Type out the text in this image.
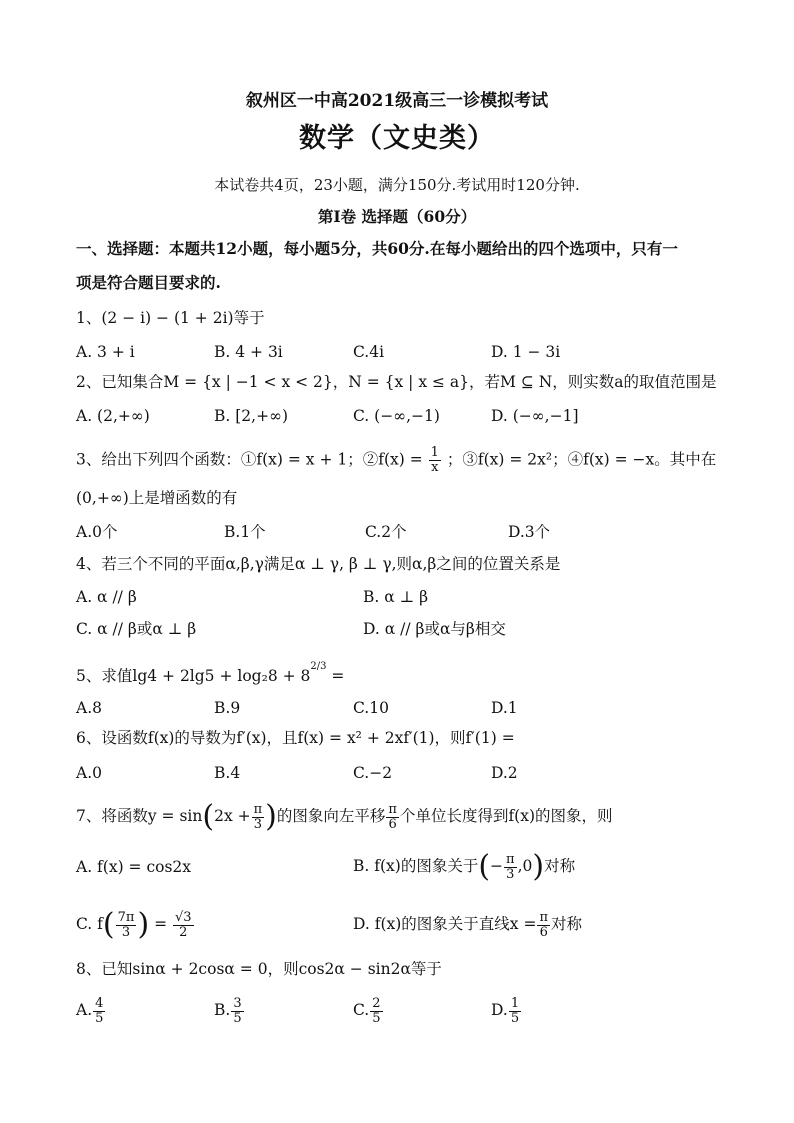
叙州区一中高2021级高三一诊模拟考试
数学（文史类）
本试卷共4页，23小题，满分150分.考试用时120分钟.
第I卷 选择题（60分）
一、选择题：本题共12小题，每小题5分，共60分.在每小题给出的四个选项中，只有一
项是符合题目要求的.
1、(2 − i) − (1 + 2i)等于
A. 3 + i	B. 4 + 3i	C.4i	D. 1 − 3i
2、已知集合M = {x | −1 < x < 2}，N = {x | x ≤ a}，若M ⊆ N，则实数a的取值范围是
A. (2,+∞)	B. [2,+∞)	C. (−∞,−1)	D. (−∞,−1]
3、给出下列四个函数：①f(x) = x + 1；②f(x) = $\frac{1}{x}$ ；③f(x) = 2x²；④f(x) = −x。其中在
(0,+∞)上是增函数的有
A.0个	B.1个	C.2个	D.3个
4、若三个不同的平面α,β,γ满足α ⊥ γ, β ⊥ γ,则α,β之间的位置关系是
A. α // β	B. α ⊥ β
C. α // β或α ⊥ β	D. α // β或α与β相交
5、求值$\lg 4 + 2\lg 5 + \log_28 + 8^{2/3}$ =
A.8	B.9	C.10	D.1
6、设函数f(x)的导数为f′(x)，且f(x) = x² + 2xf′(1)，则f′(1) =
A.0	B.4	C.−2	D.2
7、将函数$y = \sin(2x + \frac{\pi}{3}$ )的图象向左平移 $\frac{\pi}{6}$ 个单位长度得到f(x)的图象，则
A. f(x) = cos2x	B. f(x)的图象关于(− $\frac{\pi}{3} ,0$)对称
C. $f( \frac{7\pi}{3}$ ) = $\frac{√3}{2}$	D. f(x)的图象关于直线$x = \frac{\pi}{6}$ 对称
8、已知sinα + 2cosα = 0，则cos2α − sin2α等于
A. $\frac{4}{5}$	B. $\frac{3}{5}$	C. $\frac{2}{5}$	D. $\frac{1}{5}$
